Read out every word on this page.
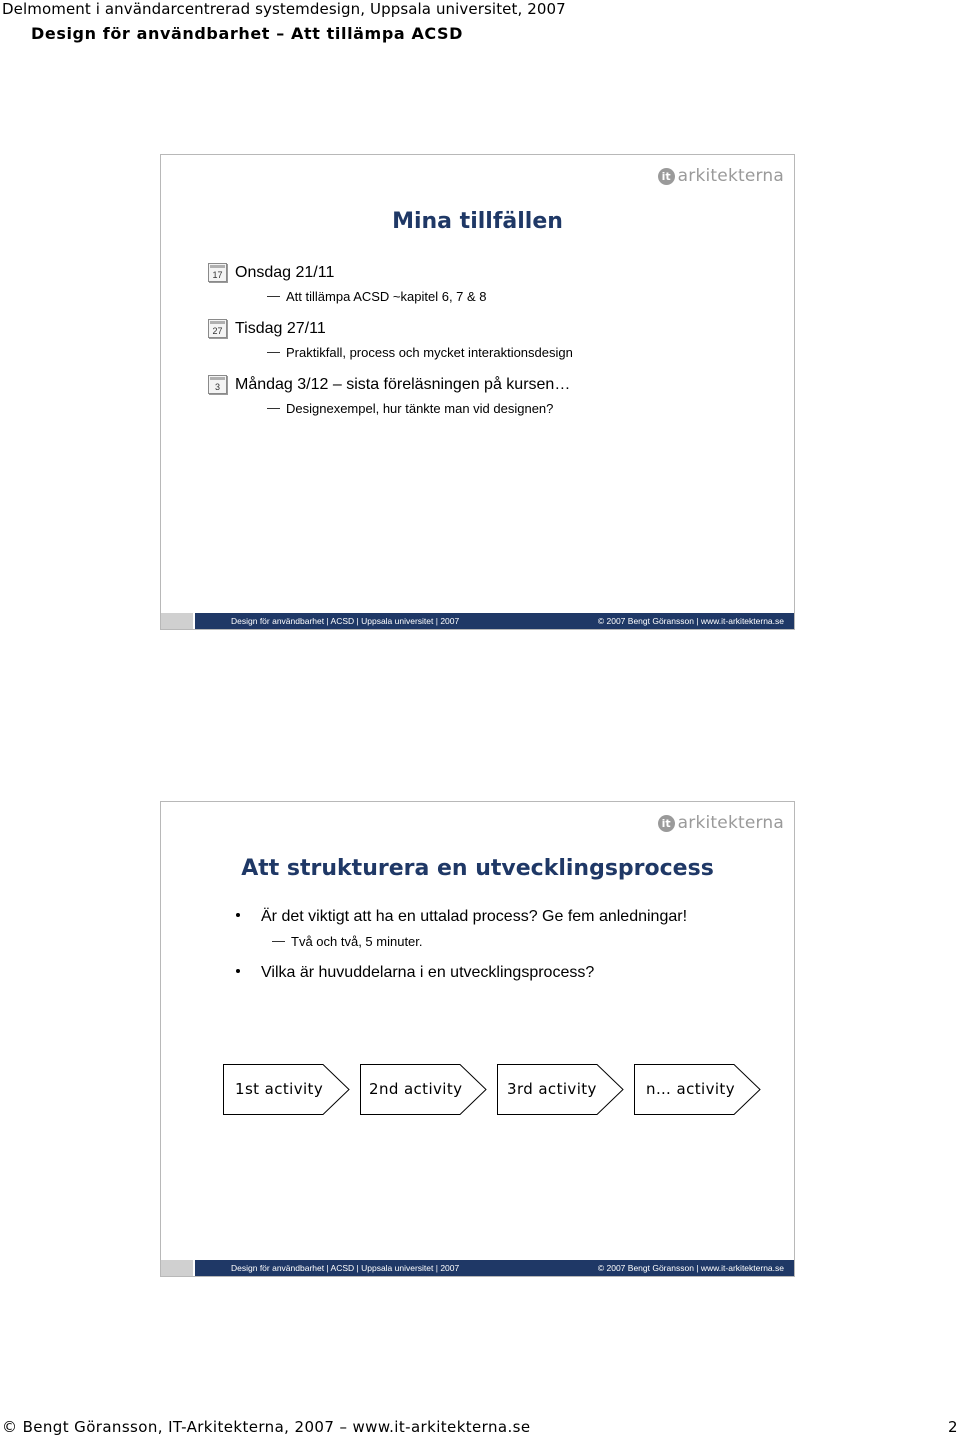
Delmoment i användarcentrerad systemdesign, Uppsala universitet, 2007
Design för användbarhet – Att tillämpa ACSD
it arkitekterna
Mina tillfällen
17 Onsdag 21/11
Att tillämpa ACSD ~kapitel 6, 7 & 8
27 Tisdag 27/11
Praktikfall, process och mycket interaktionsdesign
3 Måndag 3/12 – sista föreläsningen på kursen…
Designexempel, hur tänkte man vid designen?
Design för användbarhet | ACSD | Uppsala universitet | 2007	© 2007 Bengt Göransson | www.it-arkitekterna.se
it arkitekterna
Att strukturera en utvecklingsprocess
Är det viktigt att ha en uttalad process? Ge fem anledningar!
Två och två, 5 minuter.
Vilka är huvuddelarna i en utvecklingsprocess?
1st activity	2nd activity	3rd activity	n… activity
Design för användbarhet | ACSD | Uppsala universitet | 2007	© 2007 Bengt Göransson | www.it-arkitekterna.se
© Bengt Göransson, IT-Arkitekterna, 2007 – www.it-arkitekterna.se	2
